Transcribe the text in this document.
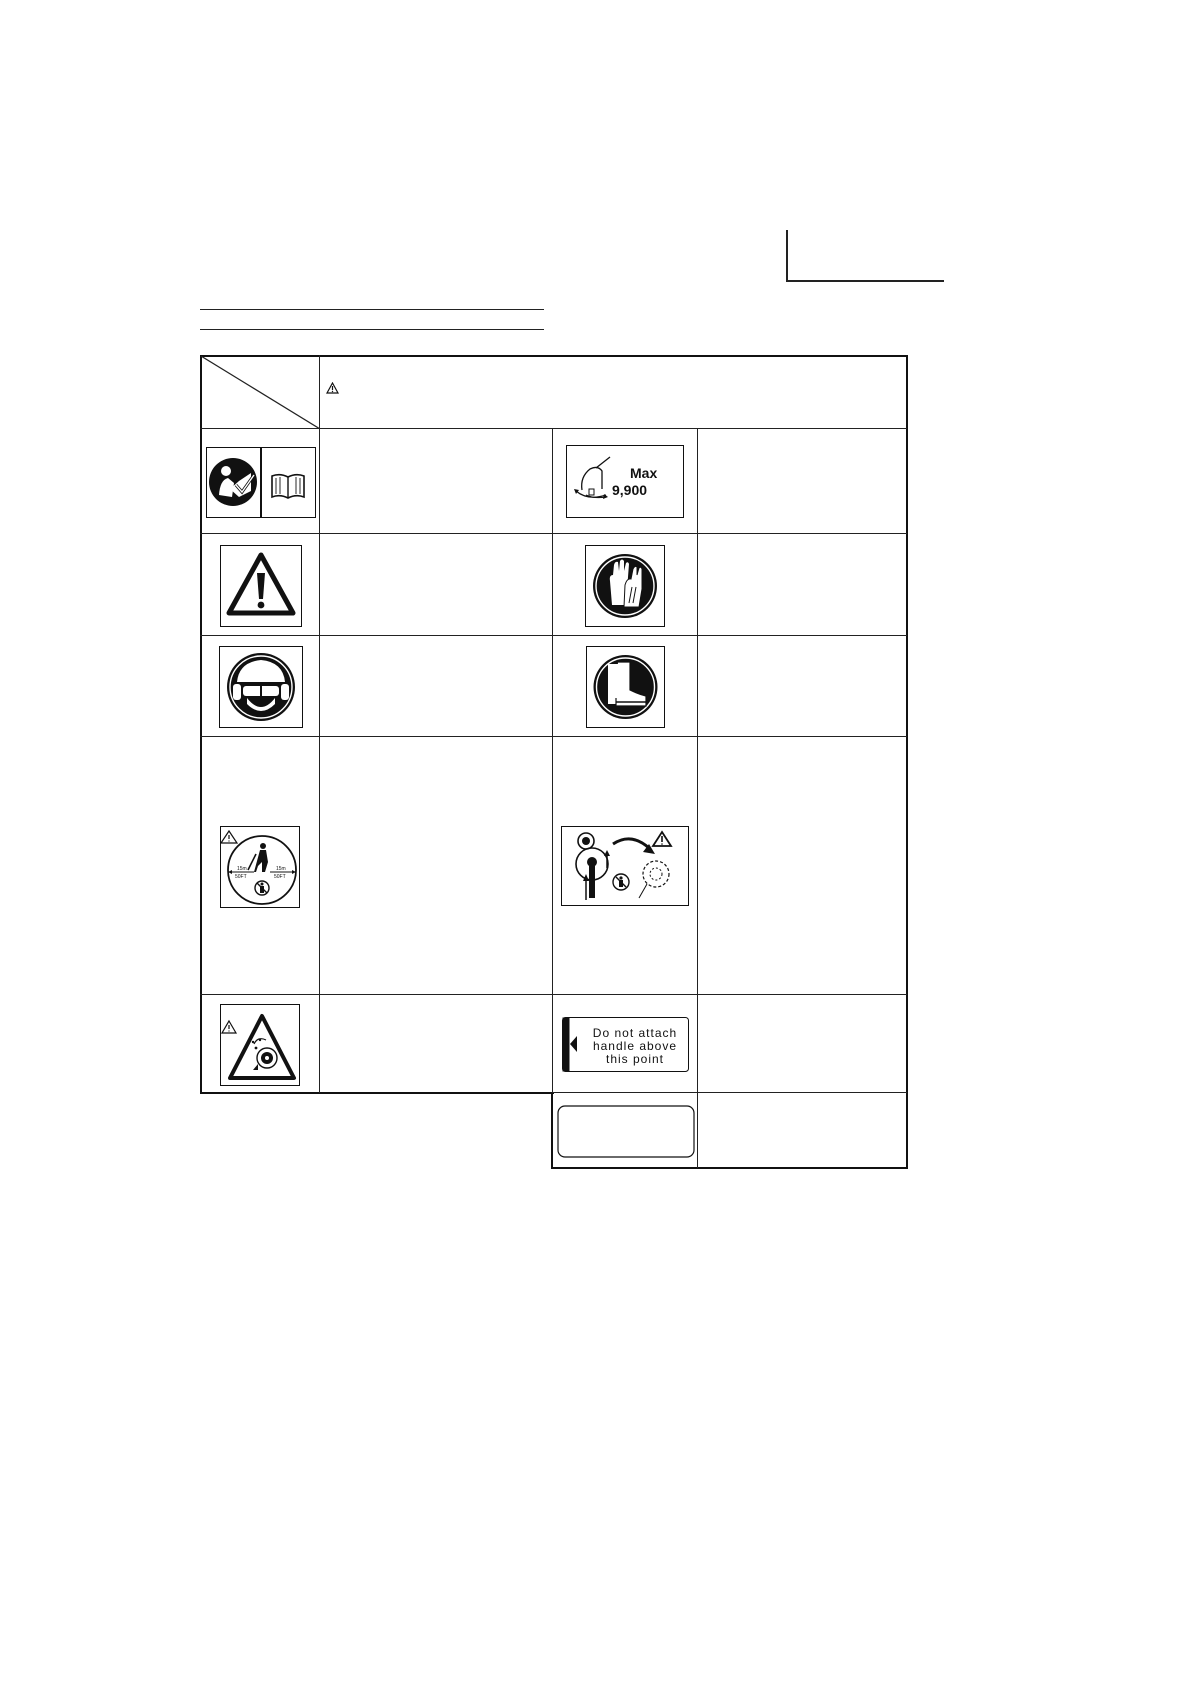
Max
9,900
15m
50FT
15m
50FT
Do not attach
handle above
this point
